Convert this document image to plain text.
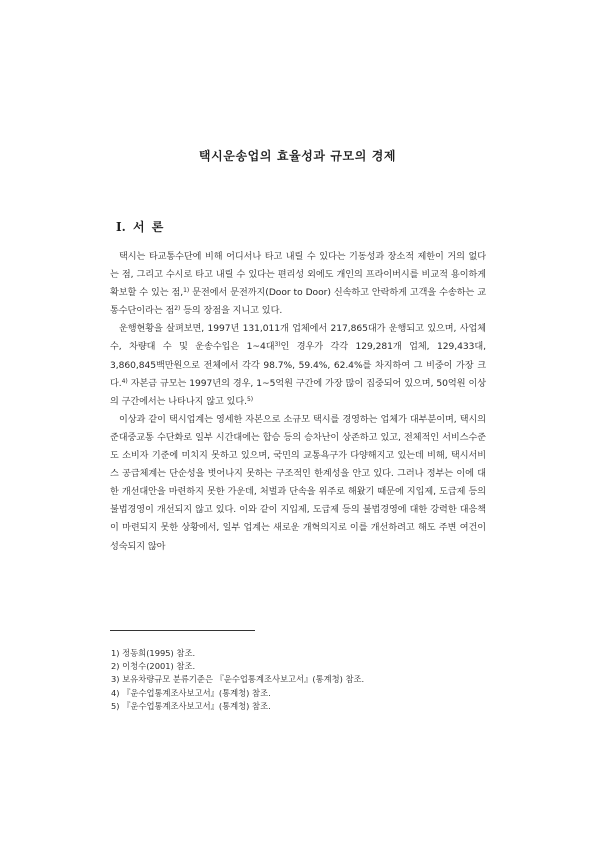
택시운송업의 효율성과 규모의 경제
Ⅰ. 서 론

택시는 타교통수단에 비해 어디서나 타고 내릴 수 있다는 기동성과 장소적 제한이 거의 없다는 점, 그리고 수시로 타고 내릴 수 있다는 편리성 외에도 개인의 프라이버시를 비교적 용이하게 확보할 수 있는 점,$^{1)}$ 문전에서 문전까지(Door to Door) 신속하고 안락하게 고객을 수송하는 교통수단이라는 점$^{2)}$ 등의 장점을 지니고 있다.

운행현황을 살펴보면, 1997년 131,011개 업체에서 217,865대가 운행되고 있으며, 사업체 수, 차량대 수 및 운송수입은 1~4대$^{3)}$인 경우가 각각 129,281개 업체, 129,433대, 3,860,845백만원으로 전체에서 각각 98.7%, 59.4%, 62.4%를 차지하여 그 비중이 가장 크다.$^{4)}$ 자본금 규모는 1997년의 경우, 1~5억원 구간에 가장 많이 집중되어 있으며, 50억원 이상의 구간에서는 나타나지 않고 있다.$^{5)}$

이상과 같이 택시업계는 영세한 자본으로 소규모 택시를 경영하는 업체가 대부분이며, 택시의 준대중교통 수단화로 일부 시간대에는 합승 등의 승차난이 상존하고 있고, 전체적인 서비스수준도 소비자 기준에 미치지 못하고 있으며, 국민의 교통욕구가 다양해지고 있는데 비해, 택시서비스 공급체계는 단순성을 벗어나지 못하는 구조적인 한계성을 안고 있다. 그러나 정부는 이에 대한 개선대안을 마련하지 못한 가운데, 처벌과 단속을 위주로 해왔기 때문에 지입제, 도급제 등의 불법경영이 개선되지 않고 있다. 이와 같이 지입제, 도급제 등의 불법경영에 대한 강력한 대응책이 마련되지 못한 상황에서, 일부 업계는 새로운 개혁의지로 이를 개선하려고 해도 주변 여건이 성숙되지 않아

1) 정동희(1995) 참조.
2) 이청수(2001) 참조.
3) 보유차량규모 분류기준은 『운수업통계조사보고서』(통계청) 참조.
4) 『운수업통계조사보고서』(통계청) 참조.
5) 『운수업통계조사보고서』(통계청) 참조.
